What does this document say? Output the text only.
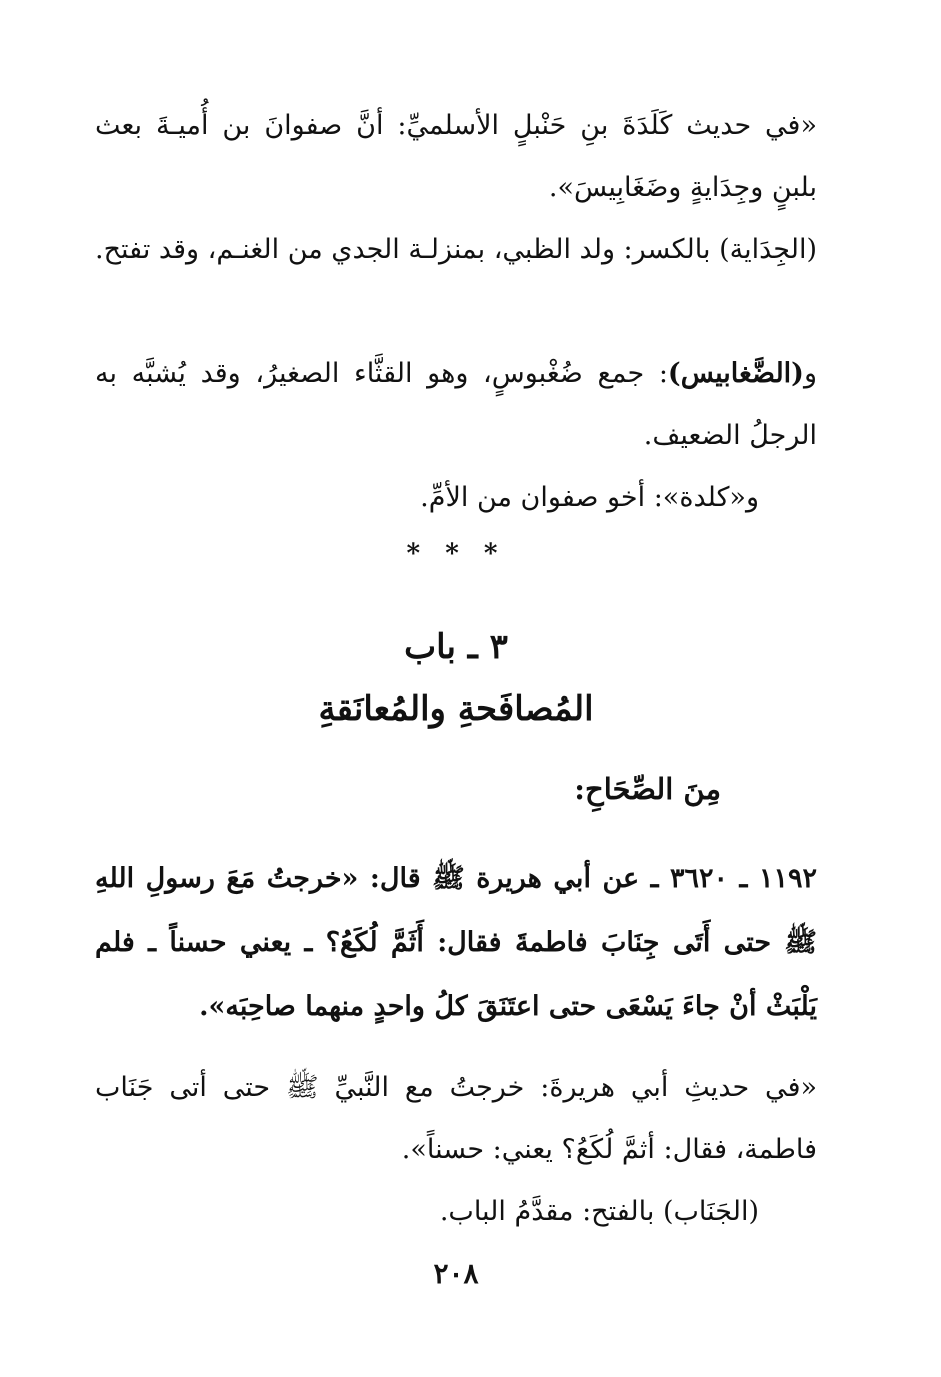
«في حديث كَلَدَةَ بنِ حَنْبلٍ الأسلميِّ: أنَّ صفوانَ بن أُميـةَ بعث بلبنٍ وجِدَايةٍ وضَغَابِيسَ».

(الجِدَاية) بالكسر: ولد الظبي، بمنزلـة الجدي من الغنـم، وقد تفتح.

و(الضَّغابيس): جمع ضُغْبوسٍ، وهو القثَّاء الصغيرُ، وقد يُشبَّه به الرجلُ الضعيف.

و«كلدة»: أخو صفوان من الأمِّ.

* * *
٣ ـ باب
المُصافَحةِ والمُعانَقةِ
مِنَ الصِّحَاحِ:

١١٩٢ ـ ٣٦٢٠ ـ عن أبي هريرة ﷺ قال: «خرجتُ مَعَ رسولِ اللهِ ﷺ حتى أَتَى جِنَابَ فاطمةَ فقال: أَثَمَّ لُكَعُ؟ ـ يعني حسناً ـ فلم يَلْبَثْ أنْ جاءَ يَسْعَى حتى اعتَنَقَ كلُ واحدٍ منهما صاحِبَه».

«في حديثِ أبي هريرةَ: خرجتُ مع النَّبيِّ ﷺ حتى أتى جَنَاب فاطمة، فقال: أثمَّ لُكَعُ؟ يعني: حسناً».

(الجَنَاب) بالفتح: مقدَّمُ الباب.

٢٠٨
